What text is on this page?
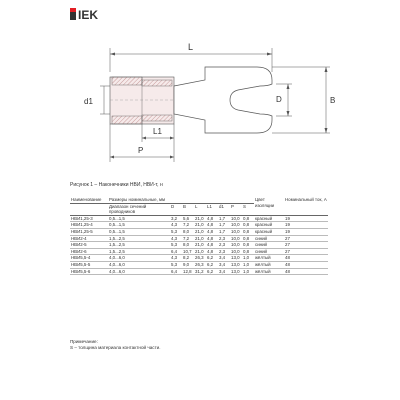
IEK
L
d1	D	B
L1
P
Рисунок 1 – Наконечники НВИ, НВИ-т, н
Наименование	Размеры номинальные, мм								Цвет изоляции	Номинальный ток, А
	Диапазон сечений проводников	D	B	L	L1	d1	P	S		
НВИ1,25-3	0,5...1,5	3,2	5,6	21,0	4,8	1,7	10,0	0,8	красный	19
НВИ1,25-4	0,5...1,5	4,3	7,2	21,0	4,8	1,7	10,0	0,8	красный	19
НВИ1,25-5	0,5...1,5	5,3	8,0	21,0	4,8	1,7	10,0	0,8	красный	19
НВИ2-4	1,5...2,5	4,3	7,2	21,0	4,8	2,3	10,0	0,8	синий	27
НВИ2-5	1,5...2,5	5,3	8,0	21,0	4,8	2,3	10,0	0,8	синий	27
НВИ2-6	1,5...2,5	6,4	10,7	21,0	4,8	2,3	10,0	0,8	синий	27
НВИ5,5-4	4,0...6,0	4,3	8,2	26,3	6,2	3,4	13,0	1,0	жёлтый	48
НВИ5,5-5	4,0...6,0	5,3	9,0	26,3	6,2	3,4	13,0	1,0	жёлтый	48
НВИ5,5-6	4,0...6,0	6,4	12,8	31,2	6,2	3,4	13,0	1,0	жёлтый	48
Примечание:
S – толщина материала контактной части.
